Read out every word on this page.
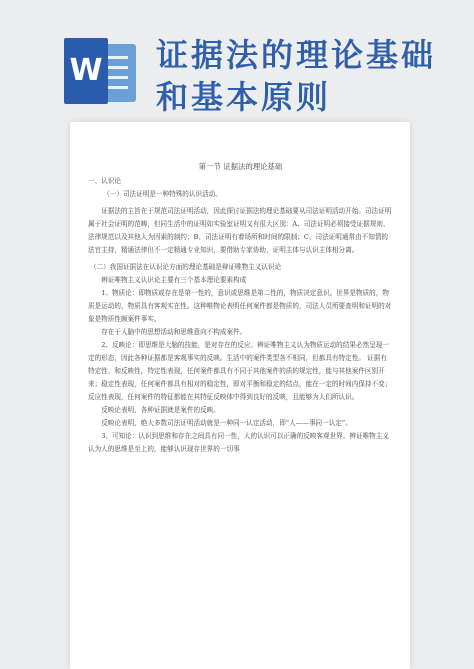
W 证据法的理论基础
和基本原则

第一节 证据法的理论基础

一、认识论

（一）司法证明是一种特殊的认识活动。

证据法的主旨在于规范司法证明活动，因此探讨证据法的理论基础要从司法证明活动开始。司法证明属于社会证明的范畴，但同生活中的证明如实验室证明又有很大区别：A、司法证明必须接受证据规则、法律规范以及其他人为因素的制约；B、司法证明有着场所和时间的限制；C、司法证明通常由不知情的法官主持，精通法律但不一定精通专业知识，要借助专家协助，证明主体与认识主体相分离。

（二）我国证据法在认识论方面的理论基础是辩证唯物主义认识论

辨证唯物主义认识论主要有三个基本理论要素构成

1、物质论：即物质或存在是第一性的，意识或思维是第二性的，物质决定意识。世界是物质的，物质是运动的，物质具有客观实在性。这种唯物论表明任何案件都是物质的，司法人员所要查明和证明的对象是物质性颇案件事实。

存在于人脑中的思想活动和思维意向不构成案件。

2、反映论：即思维是大脑的技能，是对存在的反应。辨证唯物主义认为物质运动的结果必然呈现一定的形态，因此各种证据都是客观事实的反映。生活中的案件类型各不相同，但都具有特定性。 证据有特定性、和反映性，特定性表现，任何案件都具有不同于其他案件的质的规定性，能与其他案件区别开来；稳定性表现，任何案件都具有相对的稳定性，即对平衡和稳定的结点，能在一定的时间内保持不变；反应性表现，任何案件的特征都能在其特征反映体中得到良好的反映，且能够为人们所认识。

反映论表明，各种证据就是案件的反映。

反映论表明，绝大多数司法证明活动就是一种同一认定活动，即“人——事同一认定”。

3、可知论：认识到思维和存在之间具有同一性，人的认识可以正确的反映客观世界。辨证唯物主义认为人的思维是至上的，能够认识现存世界的一切事
